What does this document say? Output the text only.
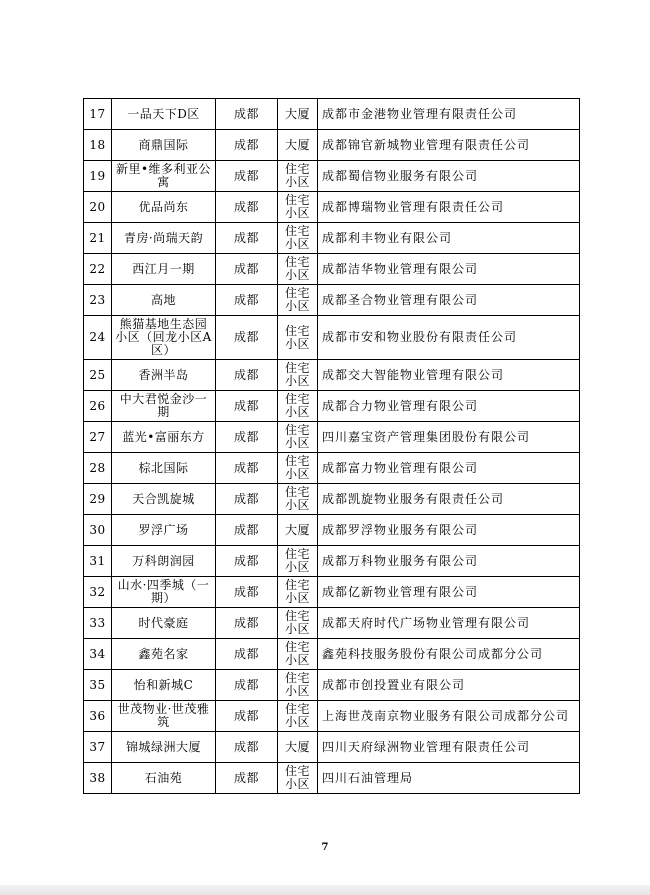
17	一品天下D区	成都	大厦	成都市金港物业管理有限责任公司
18	商鼎国际	成都	大厦	成都锦官新城物业管理有限责任公司
19	新里•维多利亚公寓	成都	住宅小区	成都蜀信物业服务有限公司
20	优品尚东	成都	住宅小区	成都博瑞物业管理有限责任公司
21	青房·尚瑞天韵	成都	住宅小区	成都利丰物业有限公司
22	西江月一期	成都	住宅小区	成都洁华物业管理有限公司
23	高地	成都	住宅小区	成都圣合物业管理有限公司
24	熊猫基地生态园小区（回龙小区A区）	成都	住宅小区	成都市安和物业股份有限责任公司
25	香洲半岛	成都	住宅小区	成都交大智能物业管理有限公司
26	中大君悦金沙一期	成都	住宅小区	成都合力物业管理有限公司
27	蓝光•富丽东方	成都	住宅小区	四川嘉宝资产管理集团股份有限公司
28	棕北国际	成都	住宅小区	成都富力物业管理有限公司
29	天合凯旋城	成都	住宅小区	成都凯旋物业服务有限责任公司
30	罗浮广场	成都	大厦	成都罗浮物业服务有限公司
31	万科朗润园	成都	住宅小区	成都万科物业服务有限公司
32	山水·四季城（一期）	成都	住宅小区	成都亿新物业管理有限公司
33	时代豪庭	成都	住宅小区	成都天府时代广场物业管理有限公司
34	鑫苑名家	成都	住宅小区	鑫苑科技服务股份有限公司成都分公司
35	怡和新城C	成都	住宅小区	成都市创投置业有限公司
36	世茂物业·世茂雅筑	成都	住宅小区	上海世茂南京物业服务有限公司成都分公司
37	锦城绿洲大厦	成都	大厦	四川天府绿洲物业管理有限责任公司
38	石油苑	成都	住宅小区	四川石油管理局
7
